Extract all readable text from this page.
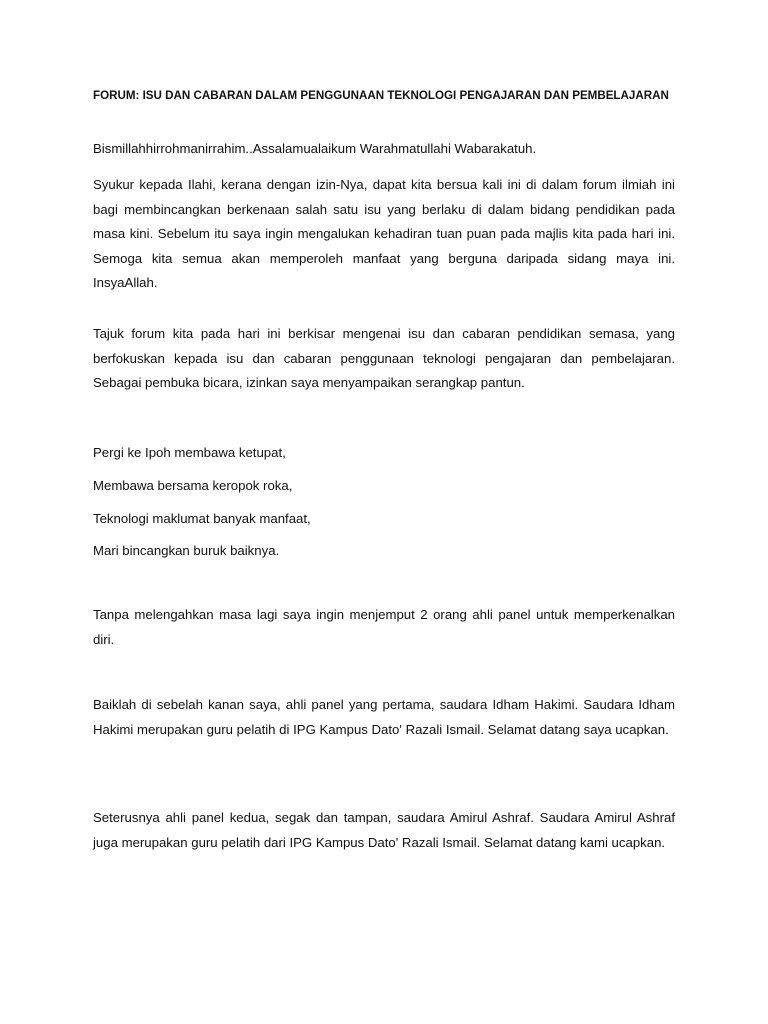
FORUM: ISU DAN CABARAN DALAM PENGGUNAAN TEKNOLOGI PENGAJARAN DAN PEMBELAJARAN
Bismillahhirrohmanirrahim..Assalamualaikum Warahmatullahi Wabarakatuh.

Syukur kepada Ilahi, kerana dengan izin-Nya, dapat kita bersua kali ini di dalam forum ilmiah ini bagi membincangkan berkenaan salah satu isu yang berlaku di dalam bidang pendidikan pada masa kini. Sebelum itu saya ingin mengalukan kehadiran tuan puan pada majlis kita pada hari ini. Semoga kita semua akan memperoleh manfaat yang berguna daripada sidang maya ini. InsyaAllah.

Tajuk forum kita pada hari ini berkisar mengenai isu dan cabaran pendidikan semasa, yang berfokuskan kepada isu dan cabaran penggunaan teknologi pengajaran dan pembelajaran. Sebagai pembuka bicara, izinkan saya menyampaikan serangkap pantun.

Pergi ke Ipoh membawa ketupat,
Membawa bersama keropok roka,
Teknologi maklumat banyak manfaat,
Mari bincangkan buruk baiknya.

Tanpa melengahkan masa lagi saya ingin menjemput 2 orang ahli panel untuk memperkenalkan diri.

Baiklah di sebelah kanan saya, ahli panel yang pertama, saudara Idham Hakimi. Saudara Idham Hakimi merupakan guru pelatih di IPG Kampus Dato' Razali Ismail. Selamat datang saya ucapkan.

Seterusnya ahli panel kedua, segak dan tampan, saudara Amirul Ashraf. Saudara Amirul Ashraf juga merupakan guru pelatih dari IPG Kampus Dato' Razali Ismail. Selamat datang kami ucapkan.
